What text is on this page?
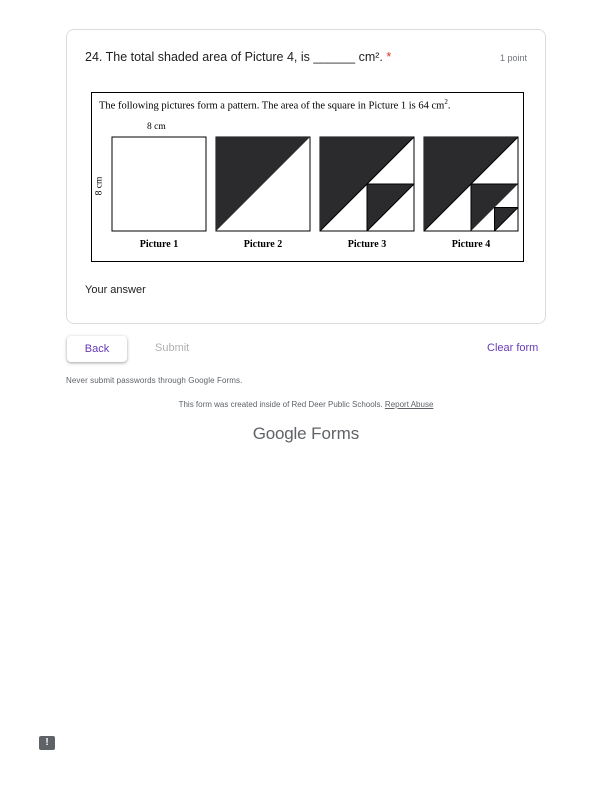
24. The total shaded area of Picture 4, is ______ cm². *	1 point
The following pictures form a pattern. The area of the square in Picture 1 is 64 $cm^2$.
8 cm
8 cm
Picture 1	Picture 2	Picture 3	Picture 4
Your answer
Back	Submit	Clear form
Never submit passwords through Google Forms.
This form was created inside of Red Deer Public Schools. Report Abuse
Google Forms
!
